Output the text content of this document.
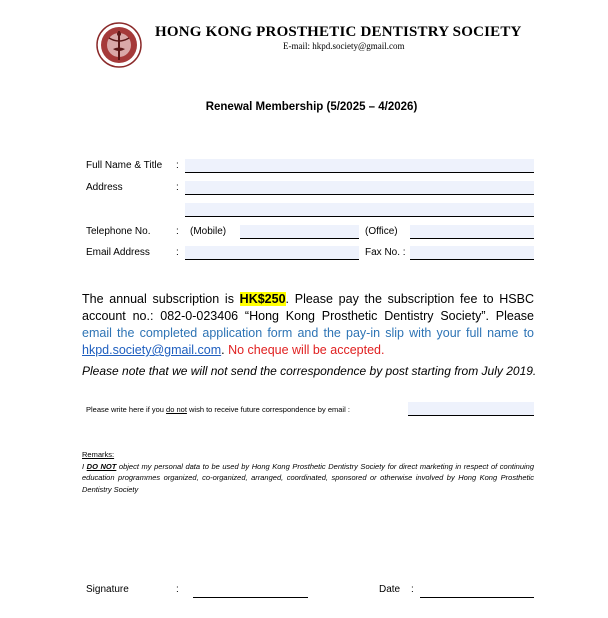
HONG KONG PROSTHETIC DENTISTRY SOCIETY
E-mail: hkpd.society@gmail.com
Renewal Membership (5/2025 – 4/2026)
Full Name & Title :
Address	:
Telephone No.	: (Mobile)	(Office)
Email Address	:	Fax No. :
The annual subscription is HK$250. Please pay the subscription fee to HSBC account no.: 082-0-023406 “Hong Kong Prosthetic Dentistry Society”. Please email the completed application form and the pay-in slip with your full name to hkpd.society@gmail.com. No cheque will be accepted.
Please note that we will not send the correspondence by post starting from July 2019.
Please write here if you do not wish to receive future correspondence by email :
Remarks:
I DO NOT object my personal data to be used by Hong Kong Prosthetic Dentistry Society for direct marketing in respect of continuing education programmes organized, co-organized, arranged, coordinated, sponsored or otherwise involved by Hong Kong Prosthetic Dentistry Society
Signature	:	Date :
